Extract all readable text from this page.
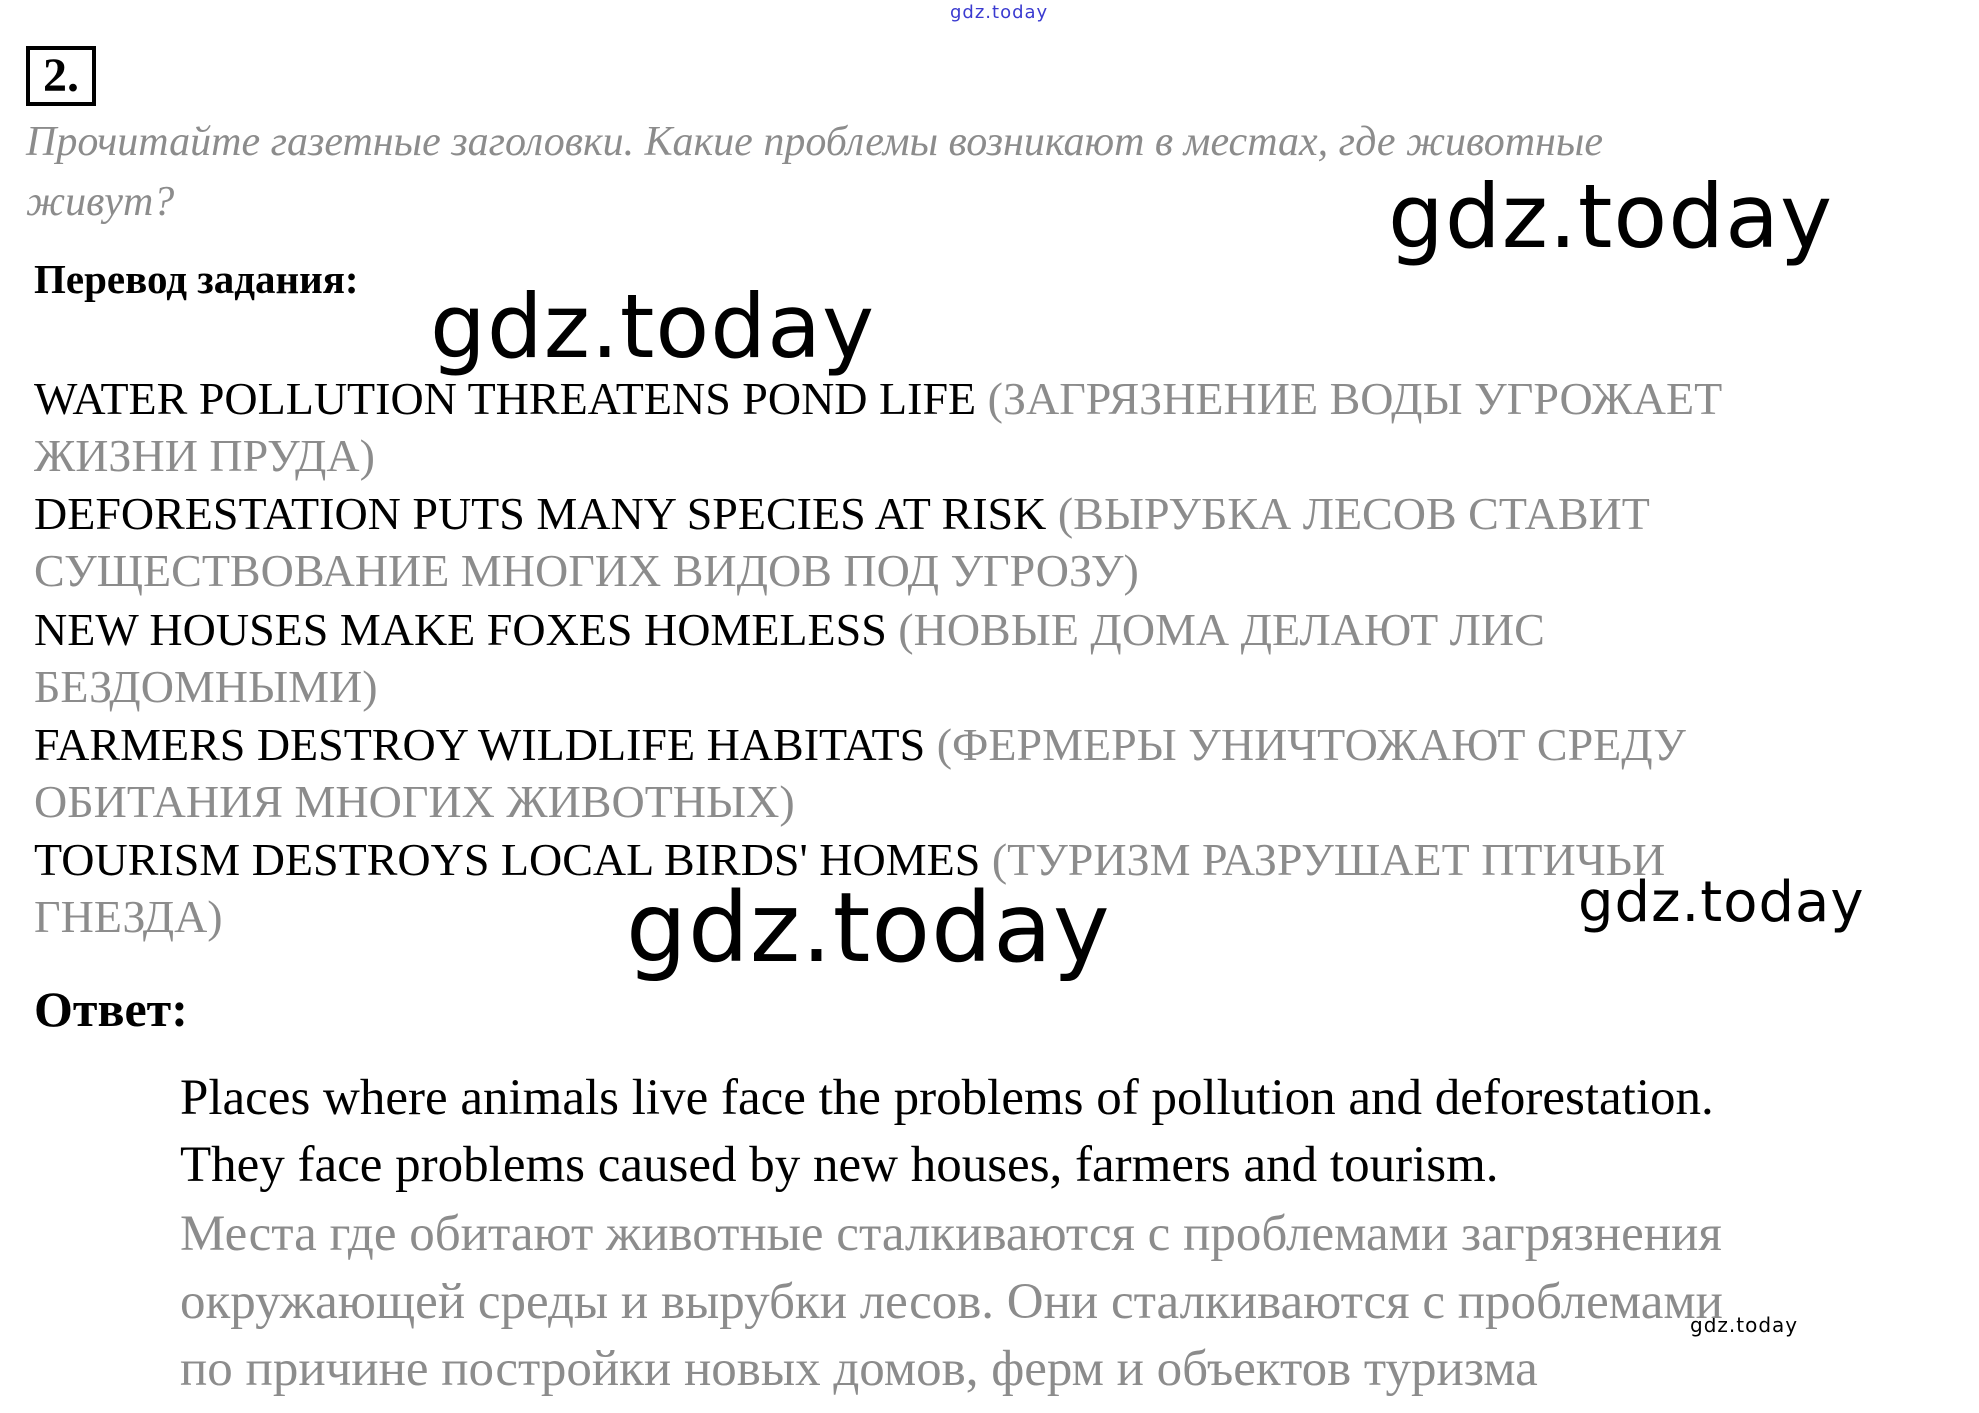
gdz.today
gdz.today
gdz.today
gdz.today	gdz.today
gdz.today
2.
Прочитайте газетные заголовки. Какие проблемы возникают в местах, где животные
живут?
Перевод задания:
WATER POLLUTION THREATENS POND LIFE (ЗАГРЯЗНЕНИЕ ВОДЫ УГРОЖАЕТ
ЖИЗНИ ПРУДА)
DEFORESTATION PUTS MANY SPECIES AT RISK (ВЫРУБКА ЛЕСОВ СТАВИТ
СУЩЕСТВОВАНИЕ МНОГИХ ВИДОВ ПОД УГРОЗУ)
NEW HOUSES MAKE FOXES HOMELESS (НОВЫЕ ДОМА ДЕЛАЮТ ЛИС
БЕЗДОМНЫМИ)
FARMERS DESTROY WILDLIFE HABITATS (ФЕРМЕРЫ УНИЧТОЖАЮТ СРЕДУ
ОБИТАНИЯ МНОГИХ ЖИВОТНЫХ)
TOURISM DESTROYS LOCAL BIRDS' HOMES (ТУРИЗМ РАЗРУШАЕТ ПТИЧЬИ
ГНЕЗДА)
Ответ:
Places where animals live face the problems of pollution and deforestation.
They face problems caused by new houses, farmers and tourism.
Места где обитают животные сталкиваются с проблемами загрязнения
окружающей среды и вырубки лесов. Они сталкиваются с проблемами
по причине постройки новых домов, ферм и объектов туризма
